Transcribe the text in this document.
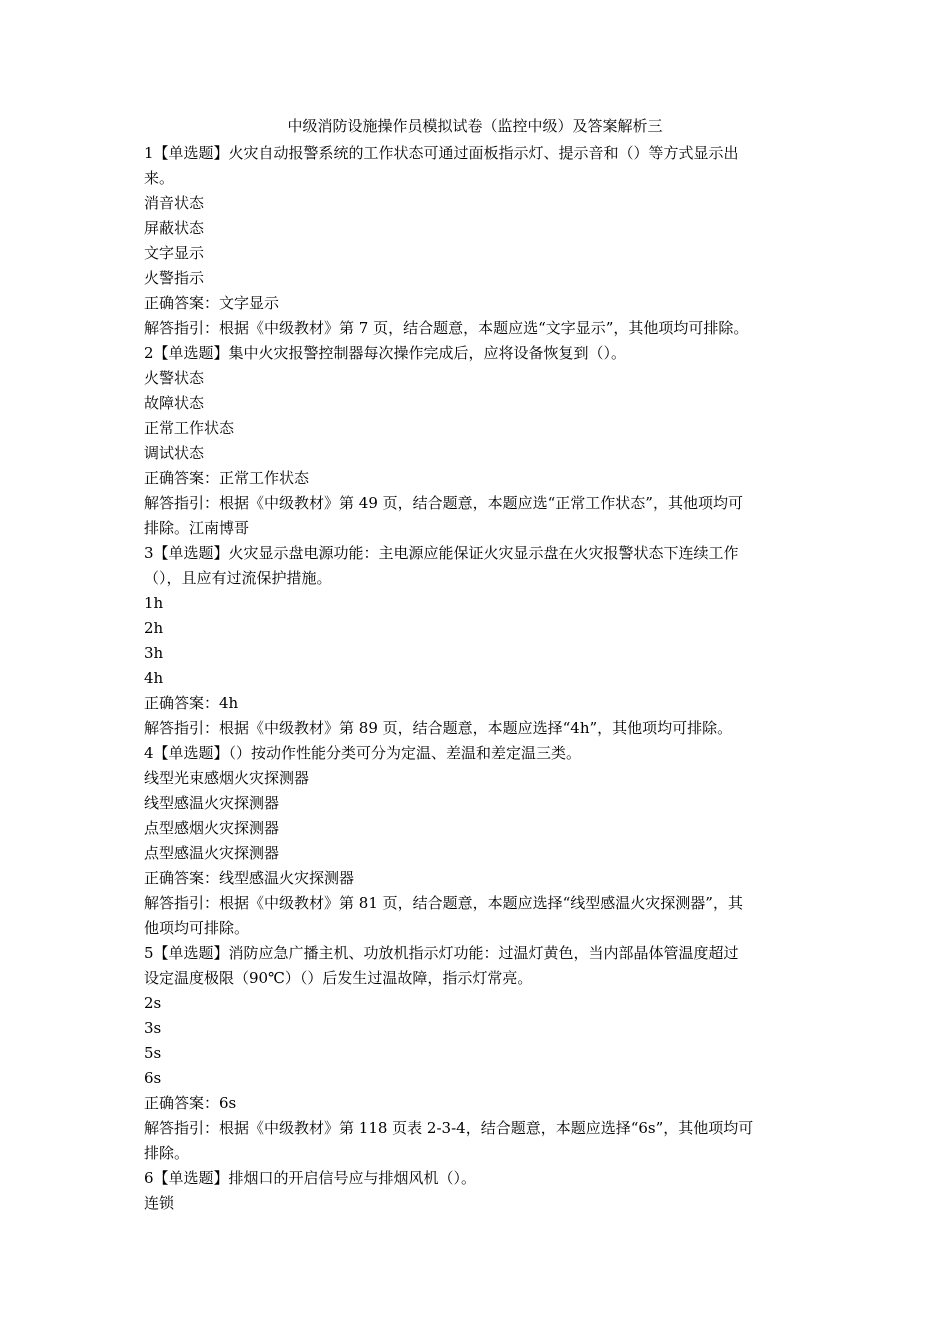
中级消防设施操作员模拟试卷（监控中级）及答案解析三
1【单选题】火灾自动报警系统的工作状态可通过面板指示灯、提示音和（）等方式显示出
来。
消音状态
屏蔽状态
文字显示
火警指示
正确答案：文字显示
解答指引：根据《中级教材》第 7 页，结合题意，本题应选“文字显示”，其他项均可排除。
2【单选题】集中火灾报警控制器每次操作完成后，应将设备恢复到（）。
火警状态
故障状态
正常工作状态
调试状态
正确答案：正常工作状态
解答指引：根据《中级教材》第 49 页，结合题意，本题应选“正常工作状态”，其他项均可
排除。江南博哥
3【单选题】火灾显示盘电源功能：主电源应能保证火灾显示盘在火灾报警状态下连续工作
（），且应有过流保护措施。
1h
2h
3h
4h
正确答案：4h
解答指引：根据《中级教材》第 89 页，结合题意，本题应选择“4h”，其他项均可排除。
4【单选题】（）按动作性能分类可分为定温、差温和差定温三类。
线型光束感烟火灾探测器
线型感温火灾探测器
点型感烟火灾探测器
点型感温火灾探测器
正确答案：线型感温火灾探测器
解答指引：根据《中级教材》第 81 页，结合题意，本题应选择“线型感温火灾探测器”，其
他项均可排除。
5【单选题】消防应急广播主机、功放机指示灯功能：过温灯黄色，当内部晶体管温度超过
设定温度极限（90℃）（）后发生过温故障，指示灯常亮。
2s
3s
5s
6s
正确答案：6s
解答指引：根据《中级教材》第 118 页表 2-3-4，结合题意，本题应选择“6s”，其他项均可
排除。
6【单选题】排烟口的开启信号应与排烟风机（）。
连锁
